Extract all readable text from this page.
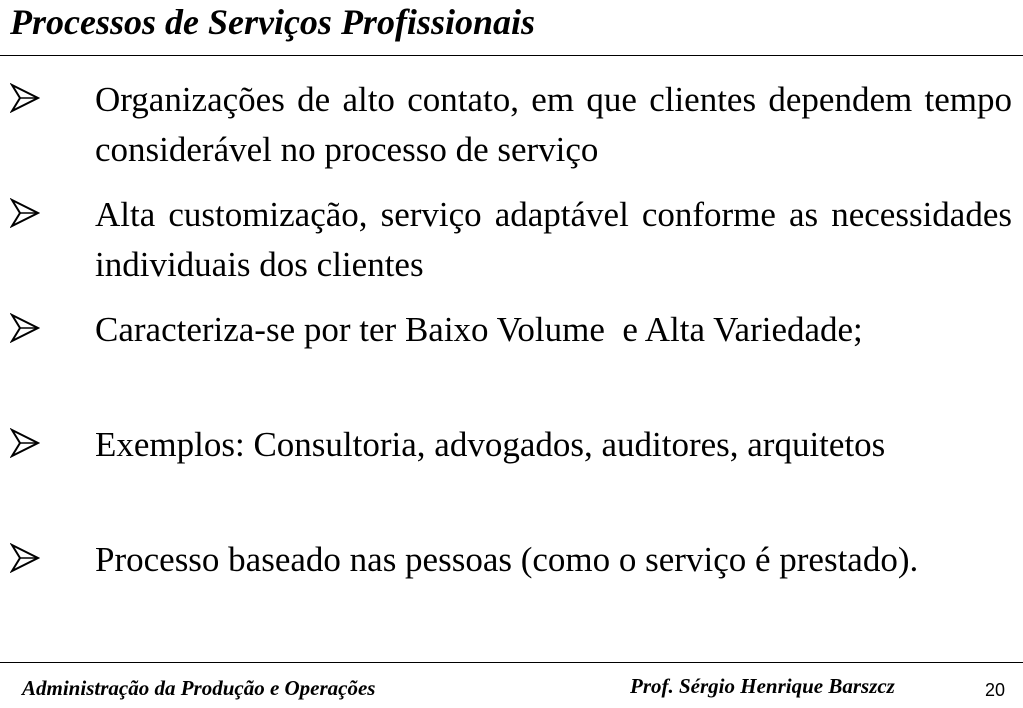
Processos de Serviços Profissionais
Organizações de alto contato, em que clientes dependem tempo considerável no processo de serviço
Alta customização, serviço adaptável conforme as necessidades individuais dos clientes
Caracteriza-se por ter Baixo Volume  e Alta Variedade;
Exemplos: Consultoria, advogados, auditores, arquitetos
Processo baseado nas pessoas (como o serviço é prestado).
Administração da Produção e Operações	Prof. Sérgio Henrique Barszcz	20
